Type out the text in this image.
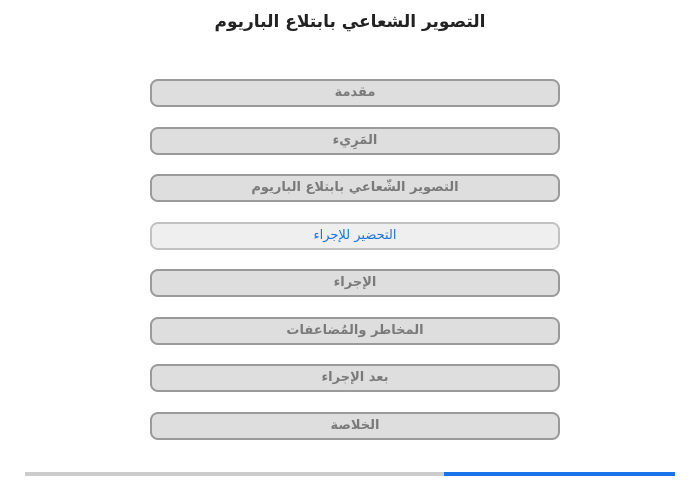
التصوير الشعاعي بابتلاع الباريوم
مقدمة
المَرِيء
التصوير الشّعاعي بابتلاع الباريوم
التحضير للإجراء
الإجراء
المخاطر والمُضاعفات
بعد الإجراء
الخلاصة
